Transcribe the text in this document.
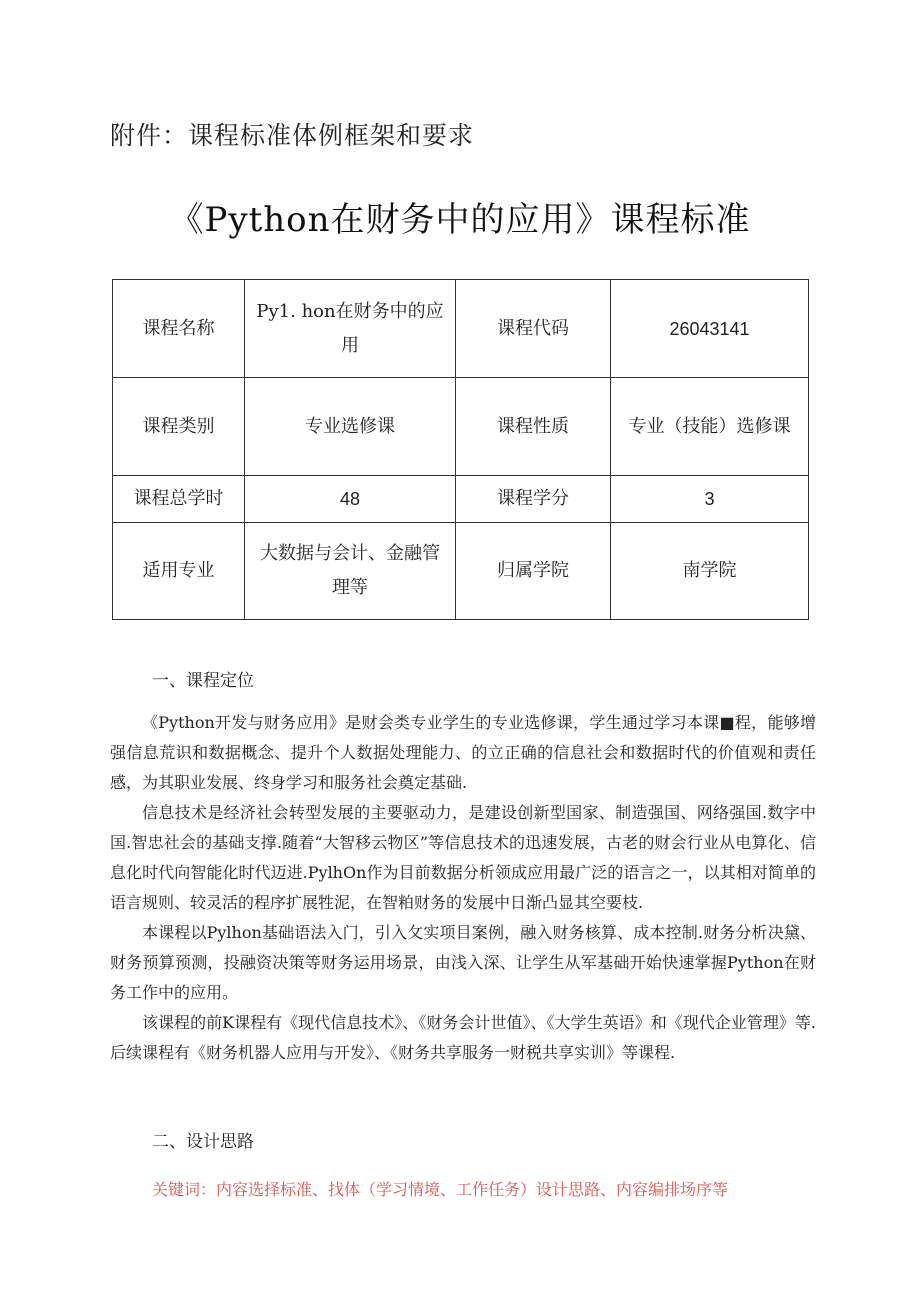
附件：课程标准体例框架和要求
《Python在财务中的应用》课程标准
课程名称	Py1. hon在财务中的应用	课程代码	26043141
课程类别	专业选修课	课程性质	专业（技能）选修课
课程总学时	48	课程学分	3
适用专业	大数据与会计、金融管理等	归属学院	南学院
一、课程定位

《Python开发与财务应用》是财会类专业学生的专业选修课，学生通过学习本课■程，能够增强信息荒识和数据概念、提升个人数据处理能力、的立正确的信息社会和数据时代的价值观和责任感，为其职业发展、终身学习和服务社会奠定基础.

信息技术是经济社会转型发展的主要驱动力，是建设创新型国家、制造强国、网络强国.数字中国.智忠社会的基础支撑.随着“大智移云物区”等信息技术的迅速发展，古老的财会行业从电算化、信息化时代向智能化时代迈进.PylhOn作为目前数据分析领成应用最广泛的语言之一，以其相对简单的语言规则、较灵活的程序扩展牲泥，在智粕财务的发展中日渐凸显其空要枝.

本课程以Pylhon基础语法入门，引入攵实项目案例，融入财务核算、成本控制.财务分析决黛、财务预算预测，投融资决策等财务运用场景，由浅入深、让学生从军基础开始快速掌握Python在财务工作中的应用。

该课程的前K课程有《现代信息技术》、《财务会计世值》、《大学生英语》和《现代企业管理》等.后续课程有《财务机器人应用与开发》、《财务共享服务一财税共享实训》等课程.

二、设计思路
关键词：内容选择标准、找体（学习情境、工作任务）设计思路、内容编排场序等
